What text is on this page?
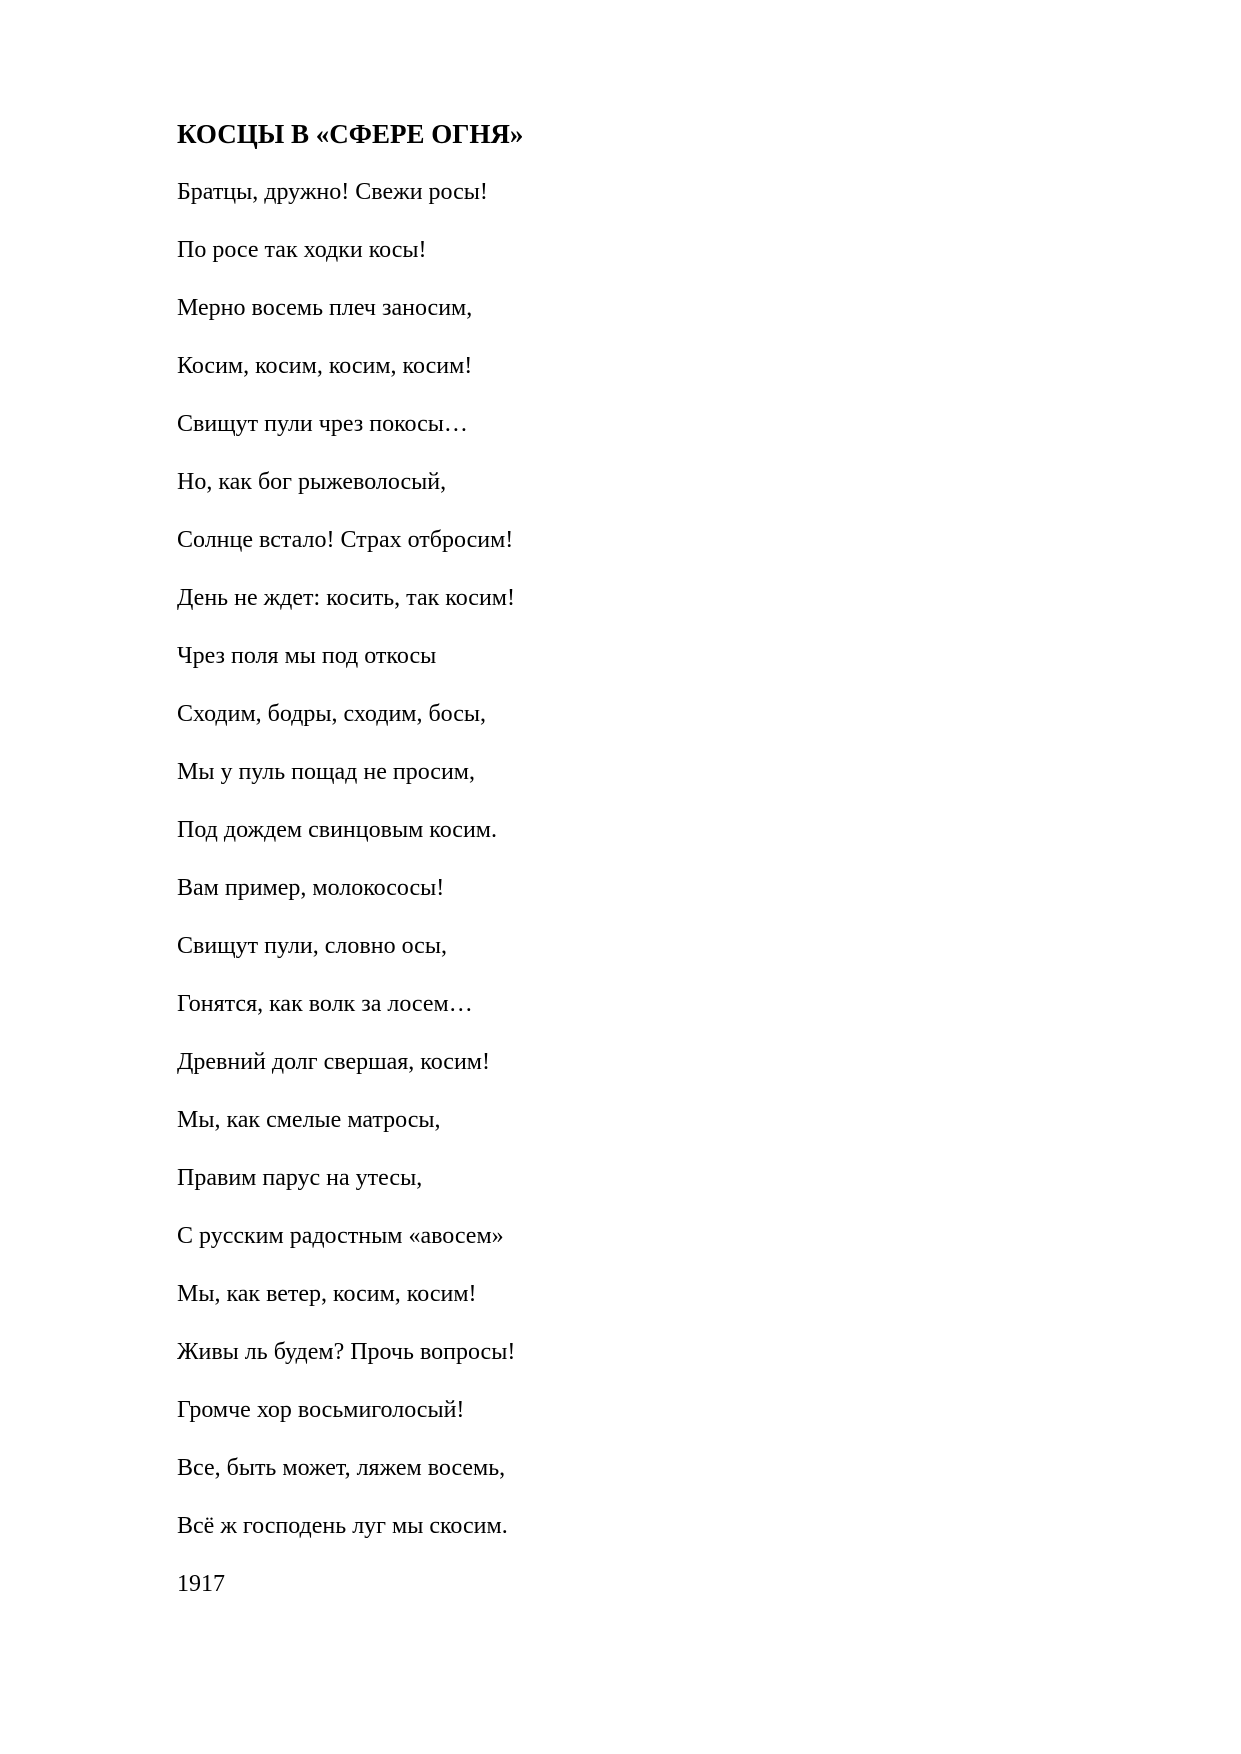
КОСЦЫ В «СФЕРЕ ОГНЯ»
Братцы, дружно! Свежи росы!
По росе так ходки косы!
Мерно восемь плеч заносим,
Косим, косим, косим, косим!
Свищут пули чрез покосы…
Но, как бог рыжеволосый,
Солнце встало! Страх отбросим!
День не ждет: косить, так косим!
Чрез поля мы под откосы
Сходим, бодры, сходим, босы,
Мы у пуль пощад не просим,
Под дождем свинцовым косим.
Вам пример, молокососы!
Свищут пули, словно осы,
Гонятся, как волк за лосем…
Древний долг свершая, косим!
Мы, как смелые матросы,
Правим парус на утесы,
С русским радостным «авосем»
Мы, как ветер, косим, косим!
Живы ль будем? Прочь вопросы!
Громче хор восьмиголосый!
Все, быть может, ляжем восемь,
Всё ж господень луг мы скосим.

1917
